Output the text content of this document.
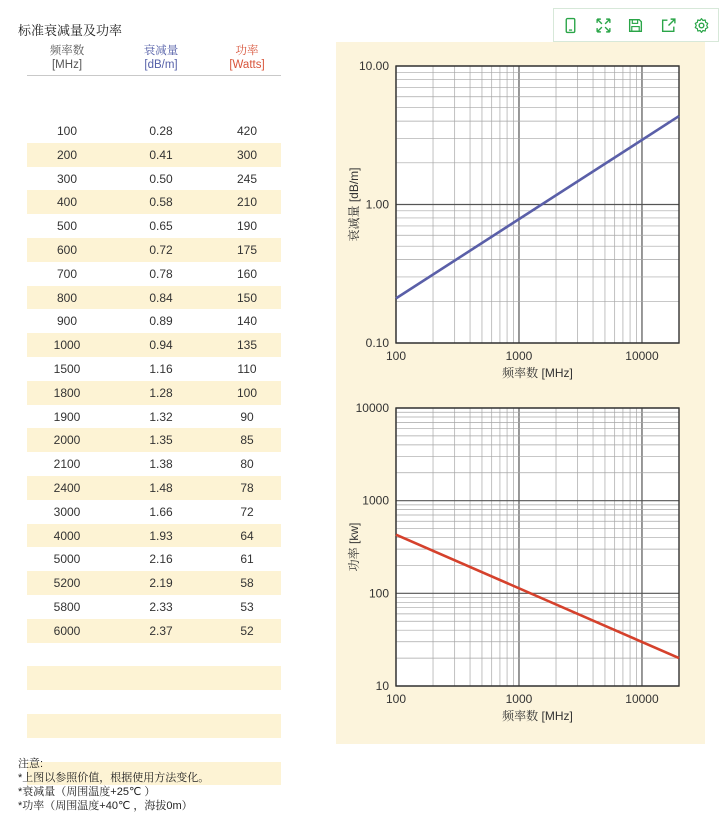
标准衰减量及功率
频率数
[MHz]
衰减量
[dB/m]
功率
[Watts]
100	0.28	420
200	0.41	300
300	0.50	245
400	0.58	210
500	0.65	190
600	0.72	175
700	0.78	160
800	0.84	150
900	0.89	140
1000	0.94	135
1500	1.16	110
1800	1.28	100
1900	1.32	90
2000	1.35	85
2100	1.38	80
2400	1.48	78
3000	1.66	72
4000	1.93	64
5000	2.16	61
5200	2.19	58
5800	2.33	53
6000	2.37	52
100	1000	10000
0.10
1.00
10.00
频率数 [MHz]
衰减量 [dB/m]
100	1000	10000
10
100
1000
10000
频率数 [MHz]
功率 [kw]
注意:
*上图以参照价值，根据使用方法变化。
*衰减量（周围温度+25℃ ）
*功率（周围温度+40℃ ，海拔0m）
